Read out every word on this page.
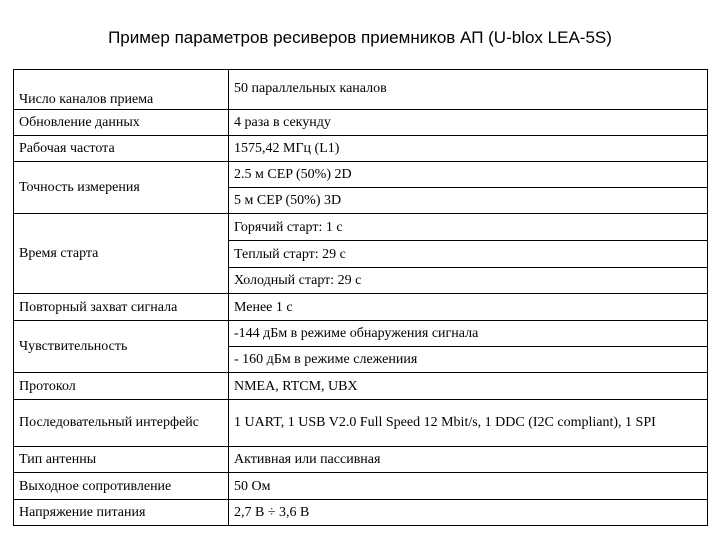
Пример параметров ресиверов приемников АП (U-blox LEA-5S)
Число каналов приема	50 параллельных каналов
Обновление данных	4 раза в секунду
Рабочая частота	1575,42 МГц (L1)
Точность измерения	2.5 м CEP (50%) 2D
	5 м CEP (50%) 3D
Время старта	Горячий старт: 1 с
	Теплый старт: 29 с
	Холодный старт: 29 с
Повторный захват сигнала	Менее 1 с
Чувствительность	-144 дБм в режиме обнаружения сигнала
	- 160 дБм в режиме слежениия
Протокол	NMEA, RTCM, UBX
Последовательный интерфейс	1 UART, 1 USB V2.0 Full Speed 12 Mbit/s, 1 DDC (I2C compliant), 1 SPI
Тип антенны	Активная или пассивная
Выходное сопротивление	50 Ом
Напряжение питания	2,7 В ÷ 3,6 В
